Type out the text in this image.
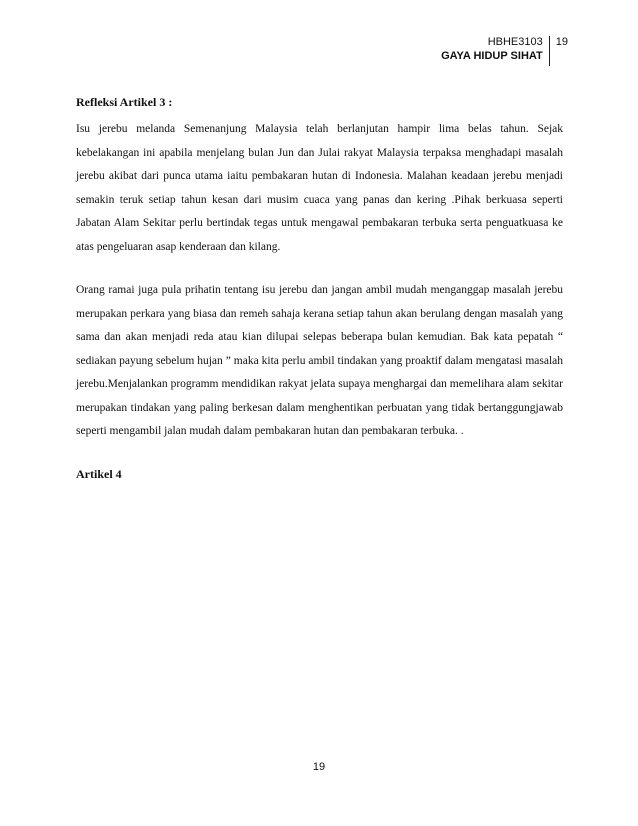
HBHE3103
GAYA HIDUP SIHAT
19

Refleksi Artikel 3 :

Isu jerebu melanda Semenanjung Malaysia telah berlanjutan hampir lima belas tahun. Sejak kebelakangan ini apabila menjelang bulan Jun dan Julai rakyat Malaysia terpaksa menghadapi masalah jerebu akibat dari punca utama iaitu pembakaran hutan di Indonesia. Malahan keadaan jerebu menjadi semakin teruk setiap tahun kesan dari musim cuaca yang panas dan kering .Pihak berkuasa seperti Jabatan Alam Sekitar perlu bertindak tegas untuk mengawal pembakaran terbuka serta penguatkuasa ke atas pengeluaran asap kenderaan dan kilang.

Orang ramai juga pula prihatin tentang isu jerebu dan jangan ambil mudah menganggap masalah jerebu merupakan perkara yang biasa dan remeh sahaja kerana setiap tahun akan berulang dengan masalah yang sama dan akan menjadi reda atau kian dilupai selepas beberapa bulan kemudian. Bak kata pepatah “ sediakan payung sebelum hujan ” maka kita perlu ambil tindakan yang proaktif dalam mengatasi masalah jerebu.Menjalankan programm mendidikan rakyat jelata supaya menghargai dan memelihara alam sekitar merupakan tindakan yang paling berkesan dalam menghentikan perbuatan yang tidak bertanggungjawab seperti mengambil jalan mudah dalam pembakaran hutan dan pembakaran terbuka. .

Artikel 4

19
